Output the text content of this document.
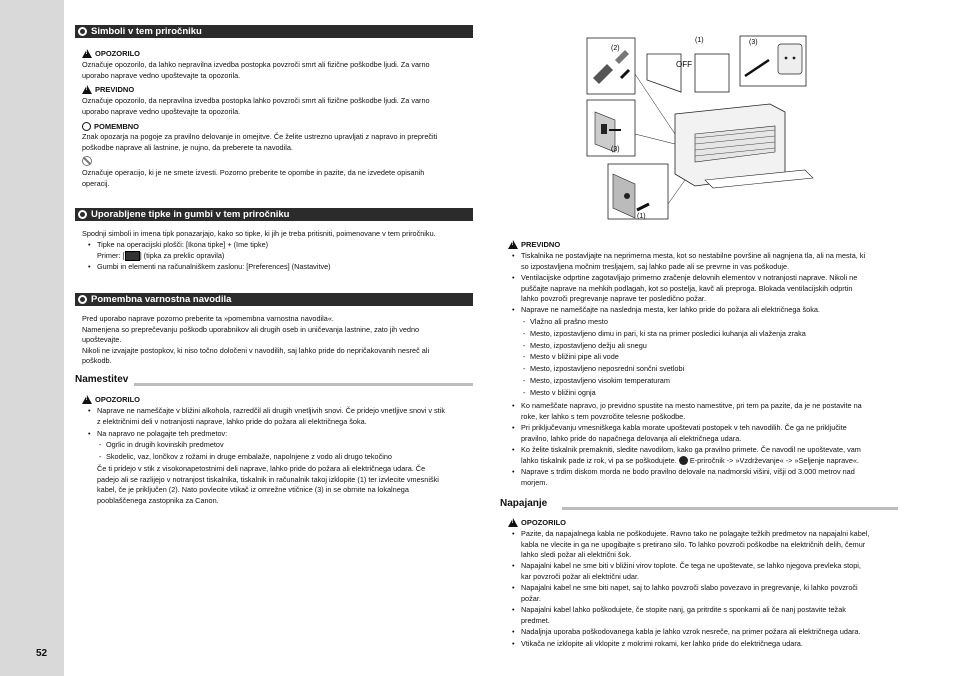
52
Simboli v tem priročniku
!
OPOZORILO
Označuje opozorilo, da lahko nepravilna izvedba postopka povzroči smrt ali fizične poškodbe ljudi. Za varno
uporabo naprave vedno upoštevajte ta opozorila.
!
PREVIDNO
Označuje opozorilo, da nepravilna izvedba postopka lahko povzroči smrt ali fizične poškodbe ljudi. Za varno
uporabo naprave vedno upoštevajte ta opozorila.
POMEMBNO
Znak opozarja na pogoje za pravilno delovanje in omejitve. Če želite ustrezno upravljati z napravo in preprečiti
poškodbe naprave ali lastnine, je nujno, da preberete ta navodila.
Označuje operacijo, ki je ne smete izvesti. Pozorno preberite te opombe in pazite, da ne izvedete opisanih
operacij.
Uporabljene tipke in gumbi v tem priročniku
Spodnji simboli in imena tipk ponazarjajo, kako so tipke, ki jih je treba pritisniti, poimenovane v tem priročniku.
• Tipke na operacijski plošči: [Ikona tipke] + (Ime tipke)
Primer: [ ] (tipka za preklic opravila)
• Gumbi in elementi na računalniškem zaslonu: [Preferences] (Nastavitve)
Pomembna varnostna navodila
Pred uporabo naprave pozorno preberite ta »pomembna varnostna navodila«.
Namenjena so preprečevanju poškodb uporabnikov ali drugih oseb in uničevanja lastnine, zato jih vedno
upoštevajte.
Nikoli ne izvajajte postopkov, ki niso točno določeni v navodilih, saj lahko pride do nepričakovanih nesreč ali
poškodb.
Namestitev
!
OPOZORILO
• Naprave ne nameščajte v bližini alkohola, razredčil ali drugih vnetljivih snovi. Če pridejo vnetljive snovi v stik
z električnimi deli v notranjosti naprave, lahko pride do požara ali električnega šoka.
• Na napravo ne polagajte teh predmetov:
- Ogrlic in drugih kovinskih predmetov
- Skodelic, vaz, lončkov z rožami in druge embalaže, napolnjene z vodo ali drugo tekočino
Če ti pridejo v stik z visokonapetostnimi deli naprave, lahko pride do požara ali električnega udara. Če
padejo ali se razlijejo v notranjost tiskalnika, tiskalnik in računalnik takoj izklopite (1) ter izvlecite vmesniški
kabel, če je priključen (2). Nato povlecite vtikač iz omrežne vtičnice (3) in se obrnite na lokalnega
pooblaščenega zastopnika za Canon.
OFF
(2)
(1)	(3)
(3)
(1)
!
PREVIDNO
• Tiskalnika ne postavljajte na neprimerna mesta, kot so nestabilne površine ali nagnjena tla, ali na mesta, ki
so izpostavljena močnim tresljajem, saj lahko pade ali se prevrne in vas poškoduje.
• Ventilacijske odprtine zagotavljajo primerno zračenje delovnih elementov v notranjosti naprave. Nikoli ne
puščajte naprave na mehkih podlagah, kot so postelja, kavč ali preproga. Blokada ventilacijskih odprtin
lahko povzroči pregrevanje naprave ter posledično požar.
• Naprave ne nameščajte na naslednja mesta, ker lahko pride do požara ali električnega šoka.
- Vlažno ali prašno mesto
- Mesto, izpostavljeno dimu in pari, ki sta na primer posledici kuhanja ali vlaženja zraka
- Mesto, izpostavljeno dežju ali snegu
- Mesto v bližini pipe ali vode
- Mesto, izpostavljeno neposredni sončni svetlobi
- Mesto, izpostavljeno visokim temperaturam
- Mesto v bližini ognja
• Ko nameščate napravo, jo previdno spustite na mesto namestitve, pri tem pa pazite, da je ne postavite na
roke, ker lahko s tem povzročite telesne poškodbe.
• Pri priključevanju vmesniškega kabla morate upoštevati postopek v teh navodilih. Če ga ne priključite
pravilno, lahko pride do napačnega delovanja ali električnega udara.
• Ko želite tiskalnik premakniti, sledite navodilom, kako ga pravilno primete. Če navodil ne upoštevate, vam
lahko tiskalnik pade iz rok, vi pa se poškodujete. E-priročnik -> »Vzdrževanje« -> »Seljenje naprave«.
• Naprave s trdim diskom morda ne bodo pravilno delovale na nadmorski višini, višji od 3.000 metrov nad
morjem.
Napajanje
!
OPOZORILO
• Pazite, da napajalnega kabla ne poškodujete. Ravno tako ne polagajte težkih predmetov na napajalni kabel,
kabla ne vlecite in ga ne upogibajte s pretirano silo. To lahko povzroči poškodbe na električnih delih, čemur
lahko sledi požar ali električni šok.
• Napajalni kabel ne sme biti v bližini virov toplote. Če tega ne upoštevate, se lahko njegova prevleka stopi,
kar povzroči požar ali električni udar.
• Napajalni kabel ne sme biti napet, saj to lahko povzroči slabo povezavo in pregrevanje, ki lahko povzroči
požar.
• Napajalni kabel lahko poškodujete, če stopite nanj, ga pritrdite s sponkami ali če nanj postavite težak
predmet.
• Nadaljnja uporaba poškodovanega kabla je lahko vzrok nesreče, na primer požara ali električnega udara.
• Vtikača ne izklopite ali vklopite z mokrimi rokami, ker lahko pride do električnega udara.
